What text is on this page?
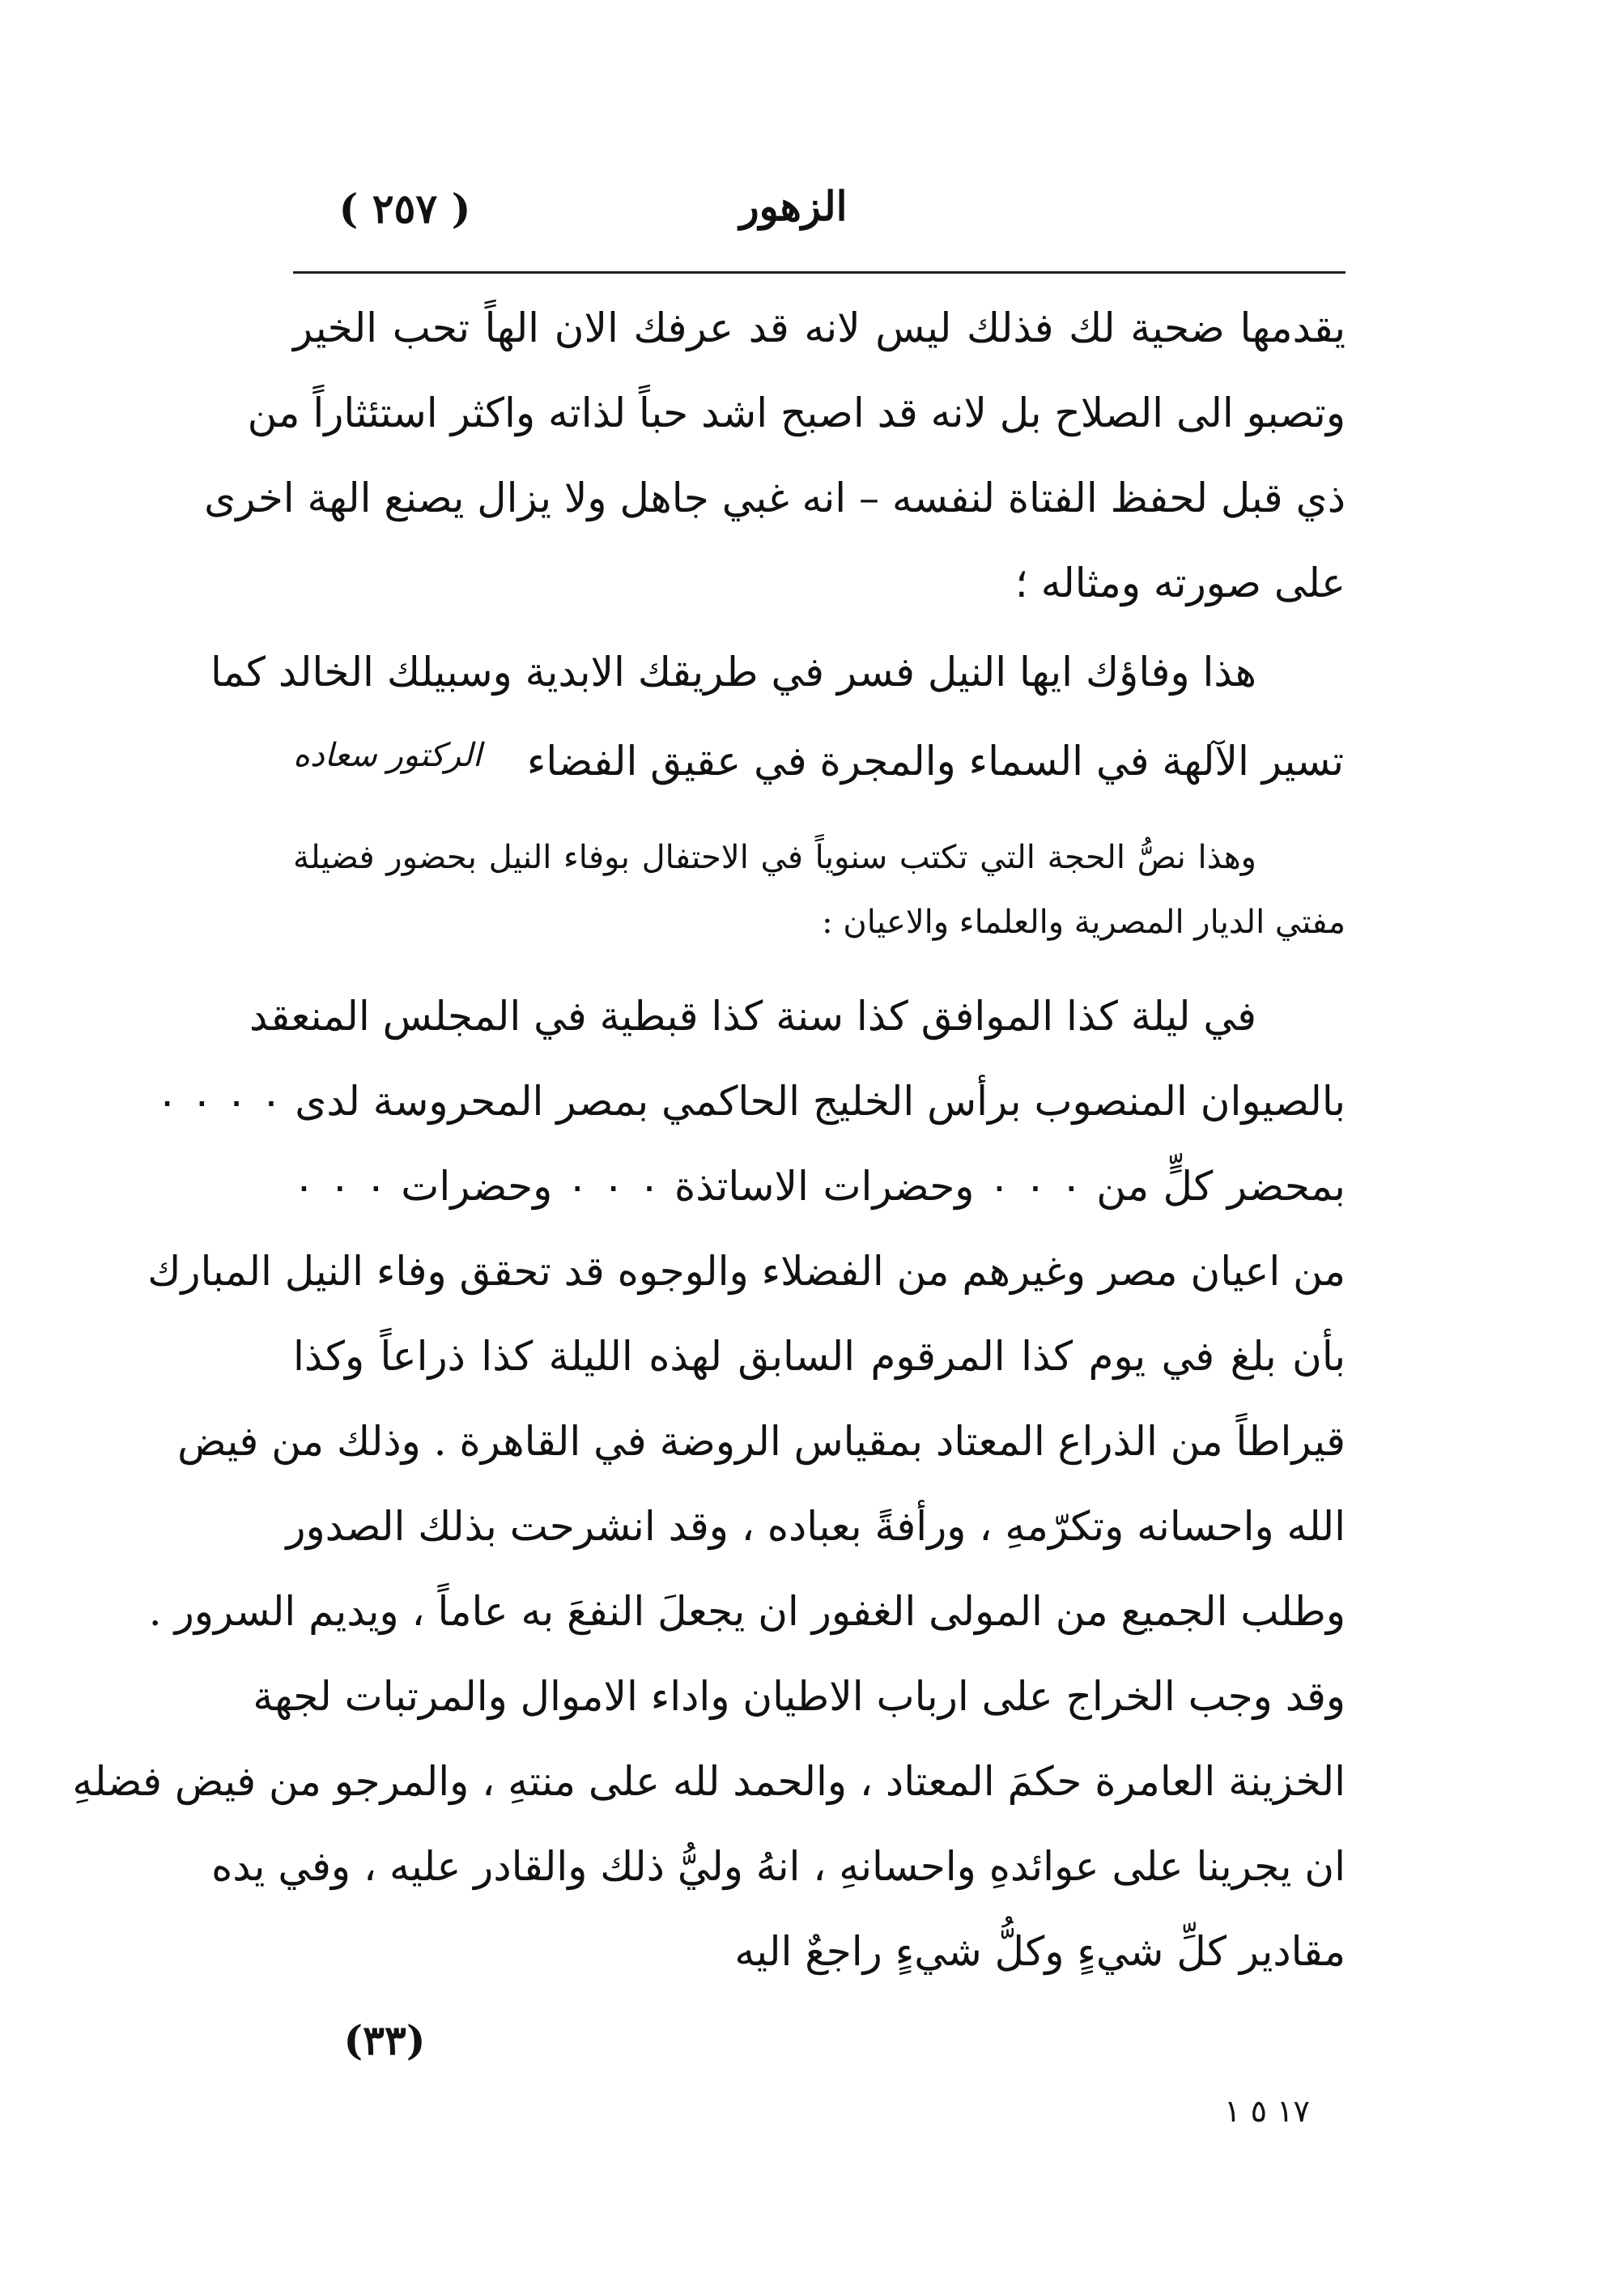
الزهور
( ٢٥٧ )
يقدمها ضحية لك فذلك ليس لانه قد عرفك الان الهاً تحب الخير
وتصبو الى الصلاح بل لانه قد اصبح اشد حباً لذاته واكثر استئثاراً من
ذي قبل لحفظ الفتاة لنفسه – انه غبي جاهل ولا يزال يصنع الهة اخرى
على صورته ومثاله ؛
هذا وفاؤك ايها النيل فسر في طريقك الابدية وسبيلك الخالد كما
تسير الآلهة في السماء والمجرة في عقيق الفضاء
الركتور سعاده
وهذا نصُّ الحجة التي تكتب سنوياً في الاحتفال بوفاء النيل بحضور فضيلة
مفتي الديار المصرية والعلماء والاعيان :
في ليلة كذا الموافق كذا سنة كذا قبطية في المجلس المنعقد
بالصيوان المنصوب برأس الخليج الحاكمي بمصر المحروسة لدى ٠ ٠ ٠ ٠
بمحضر كلٍّ من ٠ ٠ ٠ وحضرات الاساتذة ٠ ٠ ٠ وحضرات ٠ ٠ ٠
من اعيان مصر وغيرهم من الفضلاء والوجوه قد تحقق وفاء النيل المبارك
بأن بلغ في يوم كذا المرقوم السابق لهذه الليلة كذا ذراعاً وكذا
قيراطاً من الذراع المعتاد بمقياس الروضة في القاهرة . وذلك من فيض
الله واحسانه وتكرّمهِ ، ورأفةً بعباده ، وقد انشرحت بذلك الصدور
وطلب الجميع من المولى الغفور ان يجعلَ النفعَ به عاماً ، ويديم السرور .
وقد وجب الخراج على ارباب الاطيان واداء الاموال والمرتبات لجهة
الخزينة العامرة حكمَ المعتاد ، والحمد لله على منتهِ ، والمرجو من فيض فضلهِ
ان يجرينا على عوائدهِ واحسانهِ ، انهُ وليُّ ذلك والقادر عليه ، وفي يده
مقادير كلِّ شيءٍ وكلُّ شيءٍ راجعٌ اليه
(٣٣)
١٧ ‏‏٥ ١
